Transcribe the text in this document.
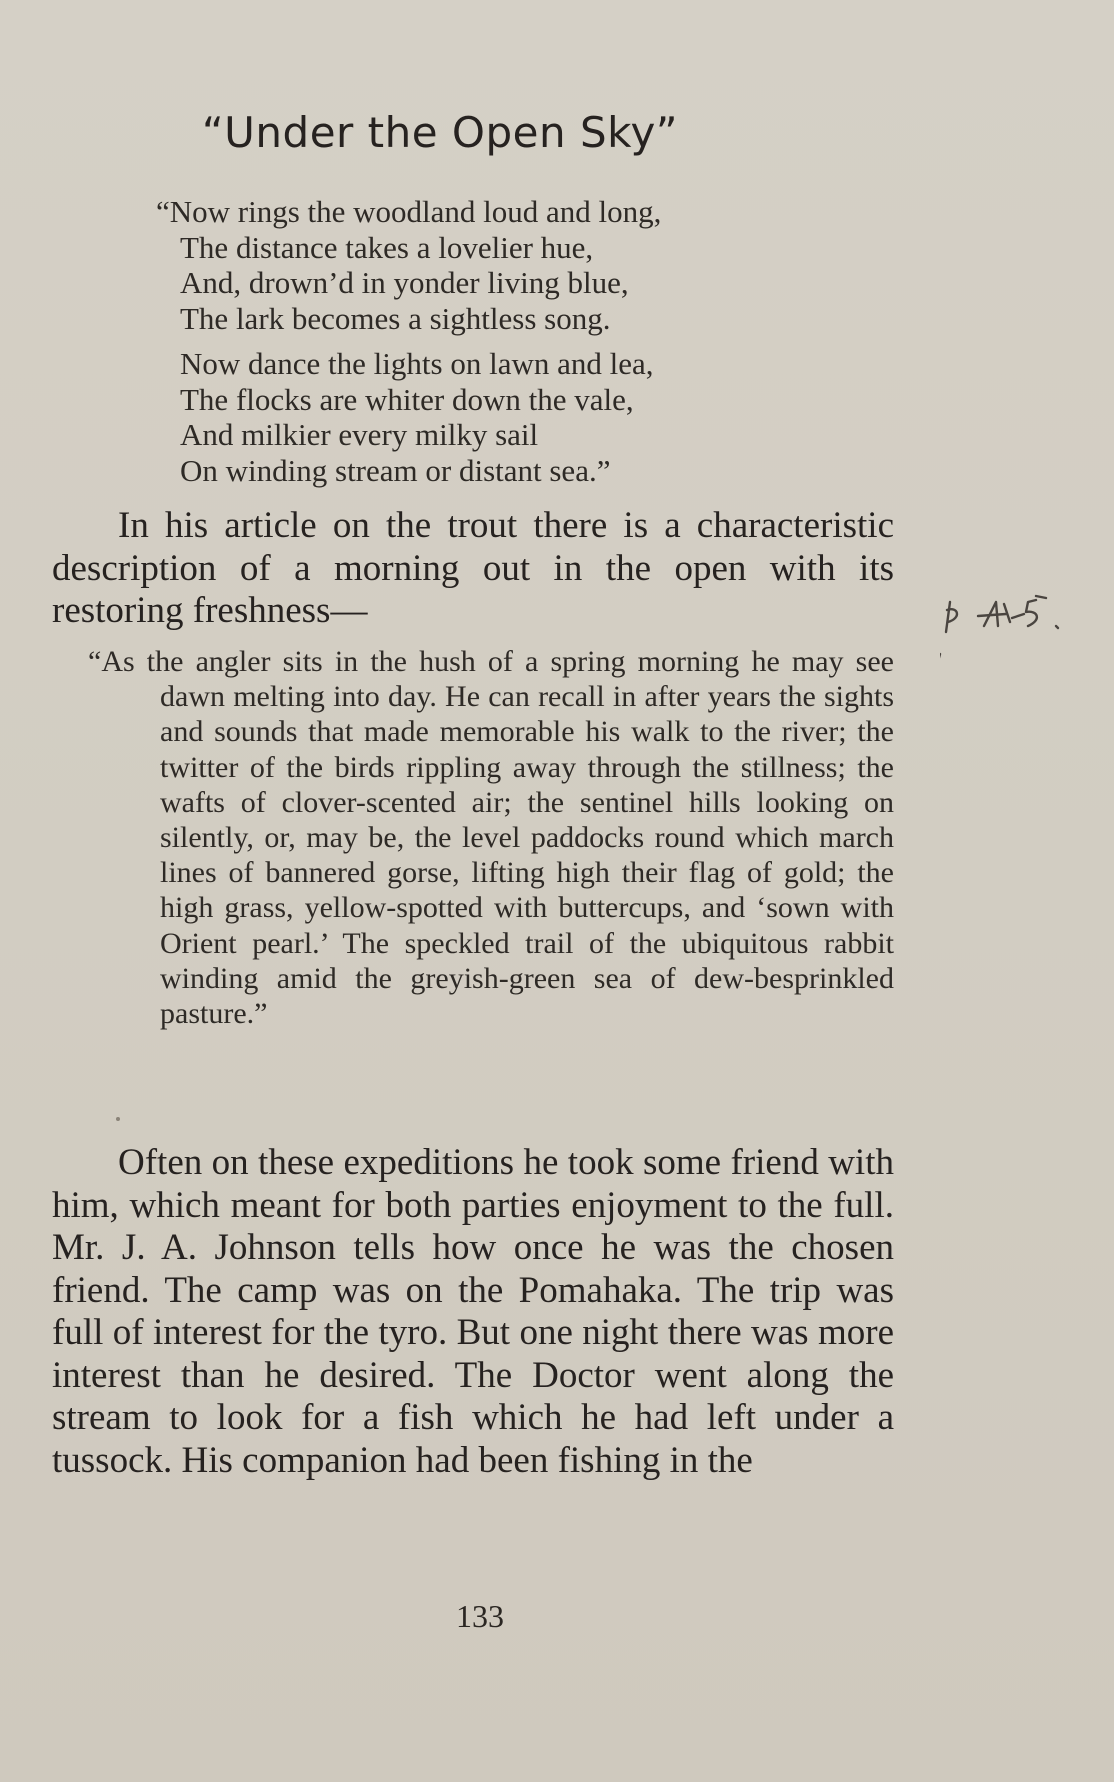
“Under the Open Sky”
“Now rings the woodland loud and long,
The distance takes a lovelier hue,
And, drown’d in yonder living blue,
The lark becomes a sightless song.
Now dance the lights on lawn and lea,
The flocks are whiter down the vale,
And milkier every milky sail
On winding stream or distant sea.”

In his article on the trout there is a characteristic description of a morning out in the open with its restoring freshness—

“As the angler sits in the hush of a spring morning he may see dawn melting into day. He can recall in after years the sights and sounds that made memorable his walk to the river; the twitter of the birds rippling away through the stillness; the wafts of clover-scented air; the sentinel hills looking on silently, or, may be, the level paddocks round which march lines of bannered gorse, lifting high their flag of gold; the high grass, yellow-spotted with buttercups, and ‘sown with Orient pearl.’ The speckled trail of the ubiquitous rabbit winding amid the greyish-green sea of dew-besprinkled pasture.”

Often on these expeditions he took some friend with him, which meant for both parties enjoyment to the full. Mr. J. A. Johnson tells how once he was the chosen friend. The camp was on the Pomahaka. The trip was full of interest for the tyro. But one night there was more interest than he desired. The Doctor went along the stream to look for a fish which he had left under a tussock. His companion had been fishing in the

133
